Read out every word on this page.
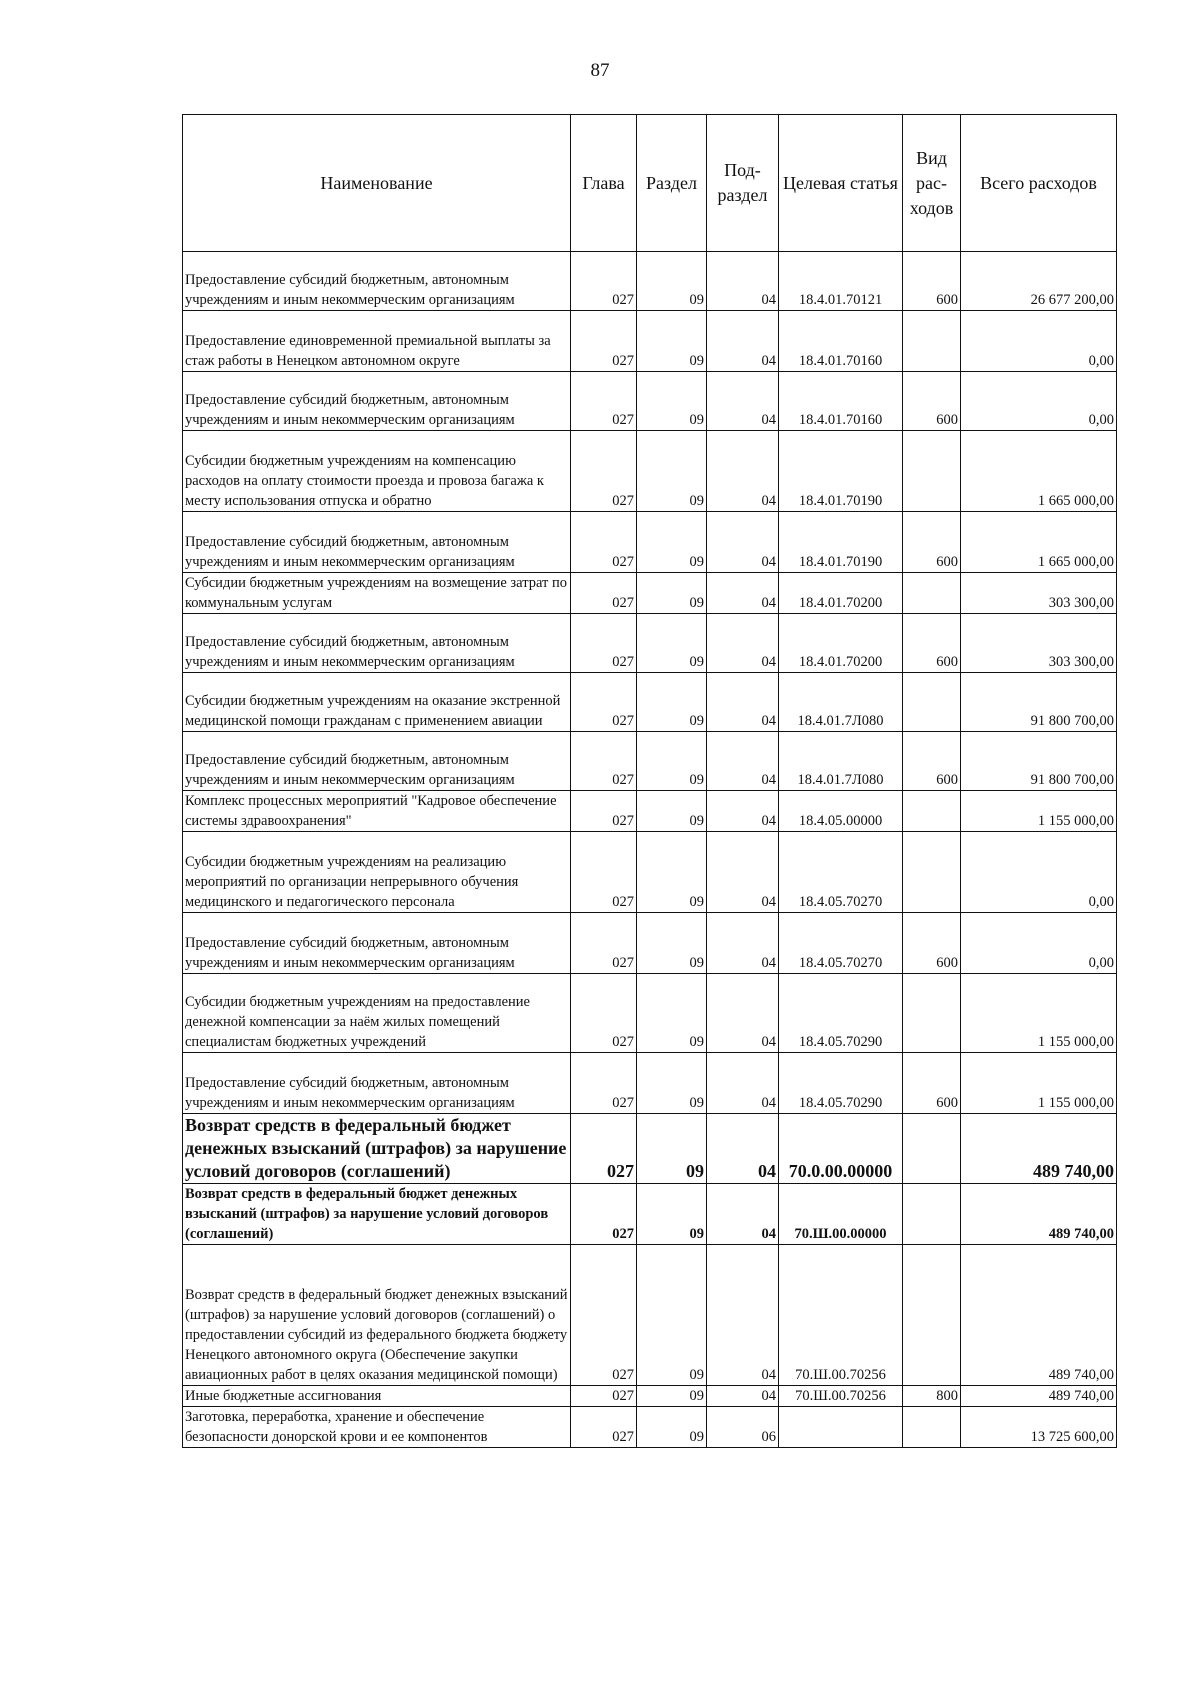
87
Наименование	Глава	Раздел	Под-раздел	Целевая статья	Вид рас-ходов	Всего расходов
Предоставление субсидий бюджетным, автономным учреждениям и иным некоммерческим организациям	027	09	04	18.4.01.70121	600	26 677 200,00
Предоставление единовременной премиальной выплаты за стаж работы в Ненецком автономном округе	027	09	04	18.4.01.70160		0,00
Предоставление субсидий бюджетным, автономным учреждениям и иным некоммерческим организациям	027	09	04	18.4.01.70160	600	0,00
Субсидии бюджетным учреждениям на компенсацию расходов на оплату стоимости проезда и провоза багажа к месту использования отпуска и обратно	027	09	04	18.4.01.70190		1 665 000,00
Предоставление субсидий бюджетным, автономным учреждениям и иным некоммерческим организациям	027	09	04	18.4.01.70190	600	1 665 000,00
Субсидии бюджетным учреждениям на возмещение затрат по коммунальным услугам	027	09	04	18.4.01.70200		303 300,00
Предоставление субсидий бюджетным, автономным учреждениям и иным некоммерческим организациям	027	09	04	18.4.01.70200	600	303 300,00
Субсидии бюджетным учреждениям на оказание экстренной медицинской помощи гражданам с применением авиации	027	09	04	18.4.01.7Л080		91 800 700,00
Предоставление субсидий бюджетным, автономным учреждениям и иным некоммерческим организациям	027	09	04	18.4.01.7Л080	600	91 800 700,00
Комплекс процессных мероприятий "Кадровое обеспечение системы здравоохранения"	027	09	04	18.4.05.00000		1 155 000,00
Субсидии бюджетным учреждениям на реализацию мероприятий по организации непрерывного обучения медицинского и педагогического персонала	027	09	04	18.4.05.70270		0,00
Предоставление субсидий бюджетным, автономным учреждениям и иным некоммерческим организациям	027	09	04	18.4.05.70270	600	0,00
Субсидии бюджетным учреждениям на предоставление денежной компенсации за наём жилых помещений специалистам бюджетных учреждений	027	09	04	18.4.05.70290		1 155 000,00
Предоставление субсидий бюджетным, автономным учреждениям и иным некоммерческим организациям	027	09	04	18.4.05.70290	600	1 155 000,00
Возврат средств в федеральный бюджет денежных взысканий (штрафов) за нарушение условий договоров (соглашений)	027	09	04	70.0.00.00000		489 740,00
Возврат средств в федеральный бюджет денежных взысканий (штрафов) за нарушение условий договоров (соглашений)	027	09	04	70.Ш.00.00000		489 740,00
Возврат средств в федеральный бюджет денежных взысканий (штрафов) за нарушение условий договоров (соглашений) о предоставлении субсидий из федерального бюджета бюджету Ненецкого автономного округа (Обеспечение закупки авиационных работ в целях оказания медицинской помощи)	027	09	04	70.Ш.00.70256		489 740,00
Иные бюджетные ассигнования	027	09	04	70.Ш.00.70256	800	489 740,00
Заготовка, переработка, хранение и обеспечение безопасности донорской крови и ее компонентов	027	09	06			13 725 600,00
